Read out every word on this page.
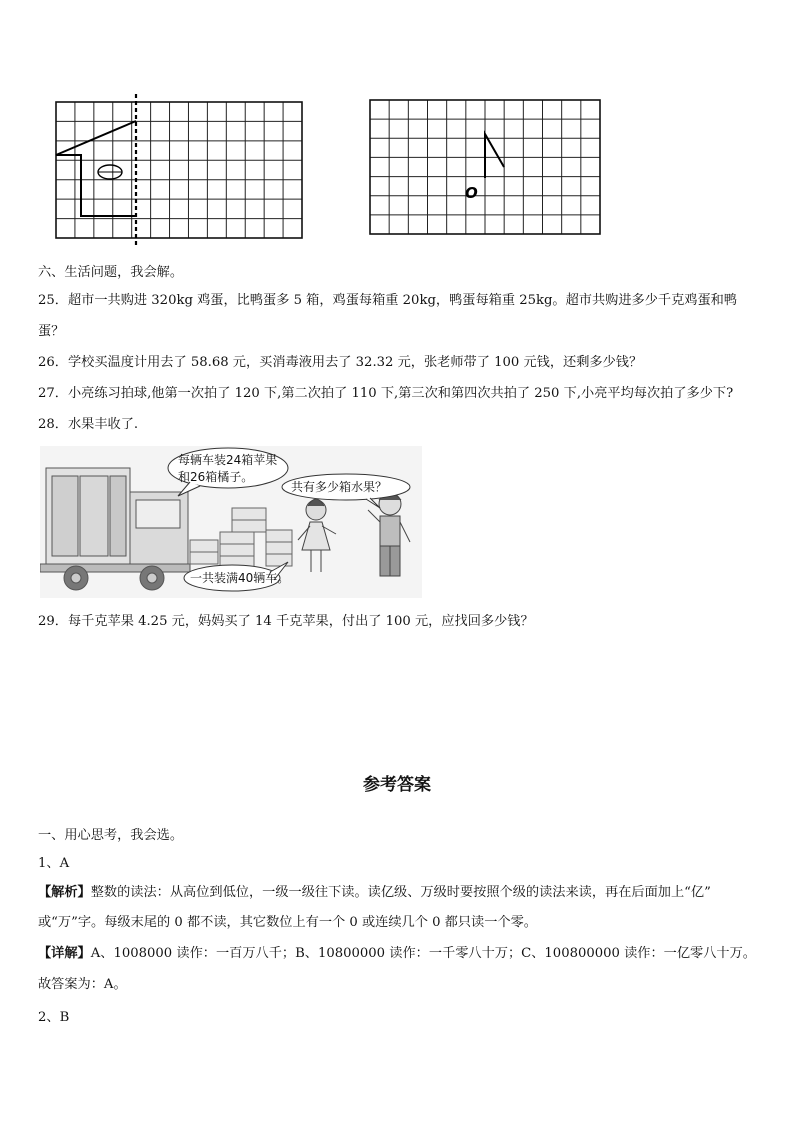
O
六、生活问题，我会解。
25．超市一共购进 320kg 鸡蛋，比鸭蛋多 5 箱，鸡蛋每箱重 20kg，鸭蛋每箱重 25kg。超市共购进多少千克鸡蛋和鸭
蛋？
26．学校买温度计用去了 58.68 元，买消毒液用去了 32.32 元，张老师带了 100 元钱，还剩多少钱？
27．小亮练习拍球,他第一次拍了 120 下,第二次拍了 110 下,第三次和第四次共拍了 250 下,小亮平均每次拍了多少下?
28．水果丰收了.
每辆车装24箱苹果
和26箱橘子。
共有多少箱水果？
一共装满40辆车。
29．每千克苹果 4.25 元，妈妈买了 14 千克苹果，付出了 100 元，应找回多少钱？
参考答案
一、用心思考，我会选。
1、A
【解析】整数的读法：从高位到低位，一级一级往下读。读亿级、万级时要按照个级的读法来读，再在后面加上“亿”
或“万”字。每级末尾的 0 都不读，其它数位上有一个 0 或连续几个 0 都只读一个零。
【详解】A、1008000 读作：一百万八千；B、10800000 读作：一千零八十万；C、100800000 读作：一亿零八十万。
故答案为：A。
2、B
